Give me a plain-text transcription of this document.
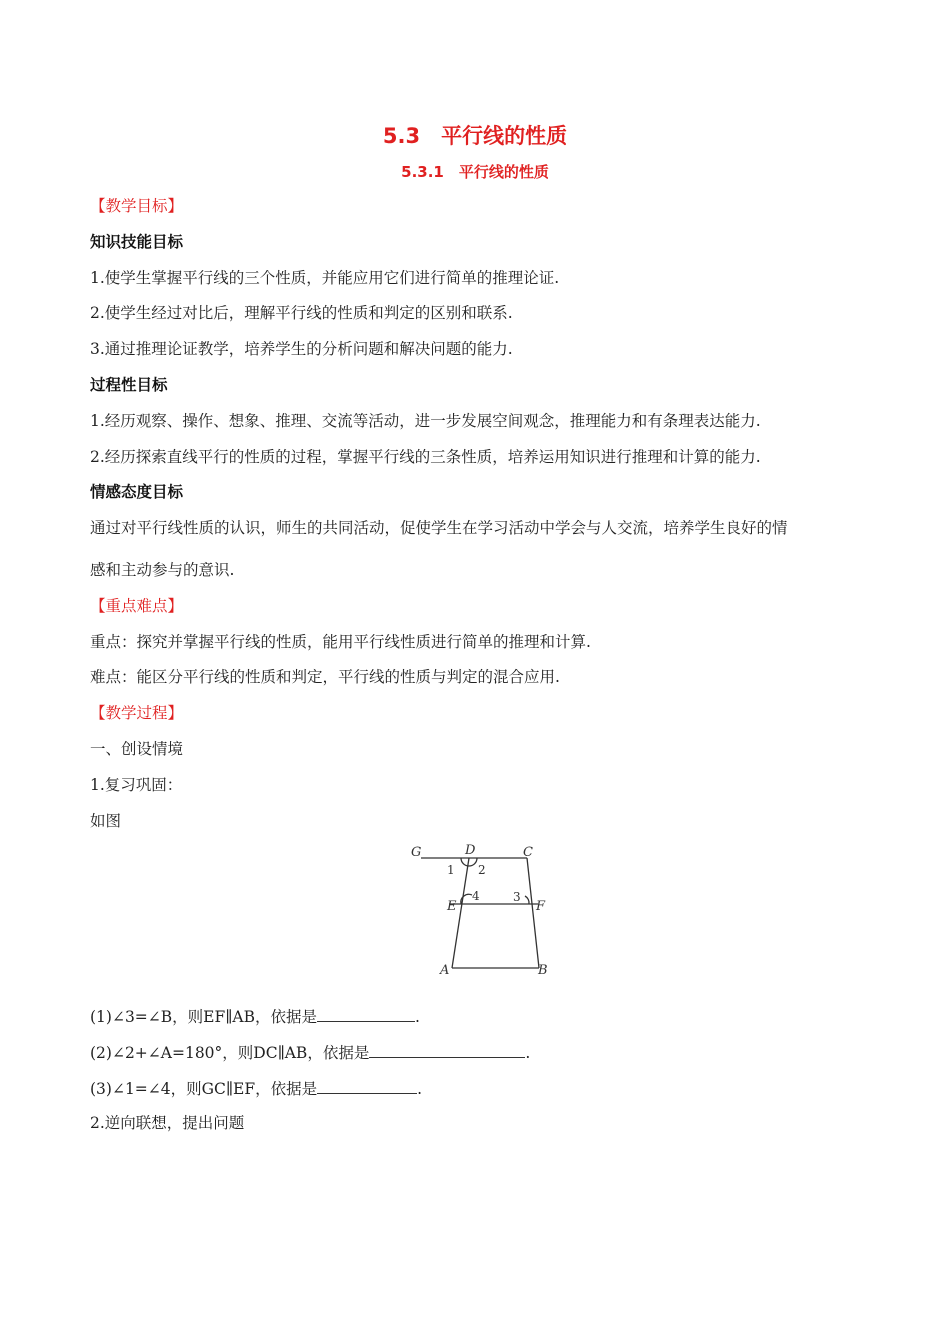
5.3　平行线的性质
5.3.1　平行线的性质
【教学目标】
知识技能目标
1.使学生掌握平行线的三个性质，并能应用它们进行简单的推理论证.
2.使学生经过对比后，理解平行线的性质和判定的区别和联系.
3.通过推理论证教学，培养学生的分析问题和解决问题的能力.
过程性目标
1.经历观察、操作、想象、推理、交流等活动，进一步发展空间观念，推理能力和有条理表达能力.
2.经历探索直线平行的性质的过程，掌握平行线的三条性质，培养运用知识进行推理和计算的能力.
情感态度目标
通过对平行线性质的认识，师生的共同活动，促使学生在学习活动中学会与人交流，培养学生良好的情
感和主动参与的意识.
【重点难点】
重点：探究并掌握平行线的性质，能用平行线性质进行简单的推理和计算.
难点：能区分平行线的性质和判定，平行线的性质与判定的混合应用.
【教学过程】
一、创设情境
1.复习巩固：
如图
G	D	C
E	F
A	B
1 2
3
4
(1)∠3=∠B，则EF∥AB，依据是	.
(2)∠2+∠A=180°，则DC∥AB，依据是	.
(3)∠1=∠4，则GC∥EF，依据是	.
2.逆向联想，提出问题
